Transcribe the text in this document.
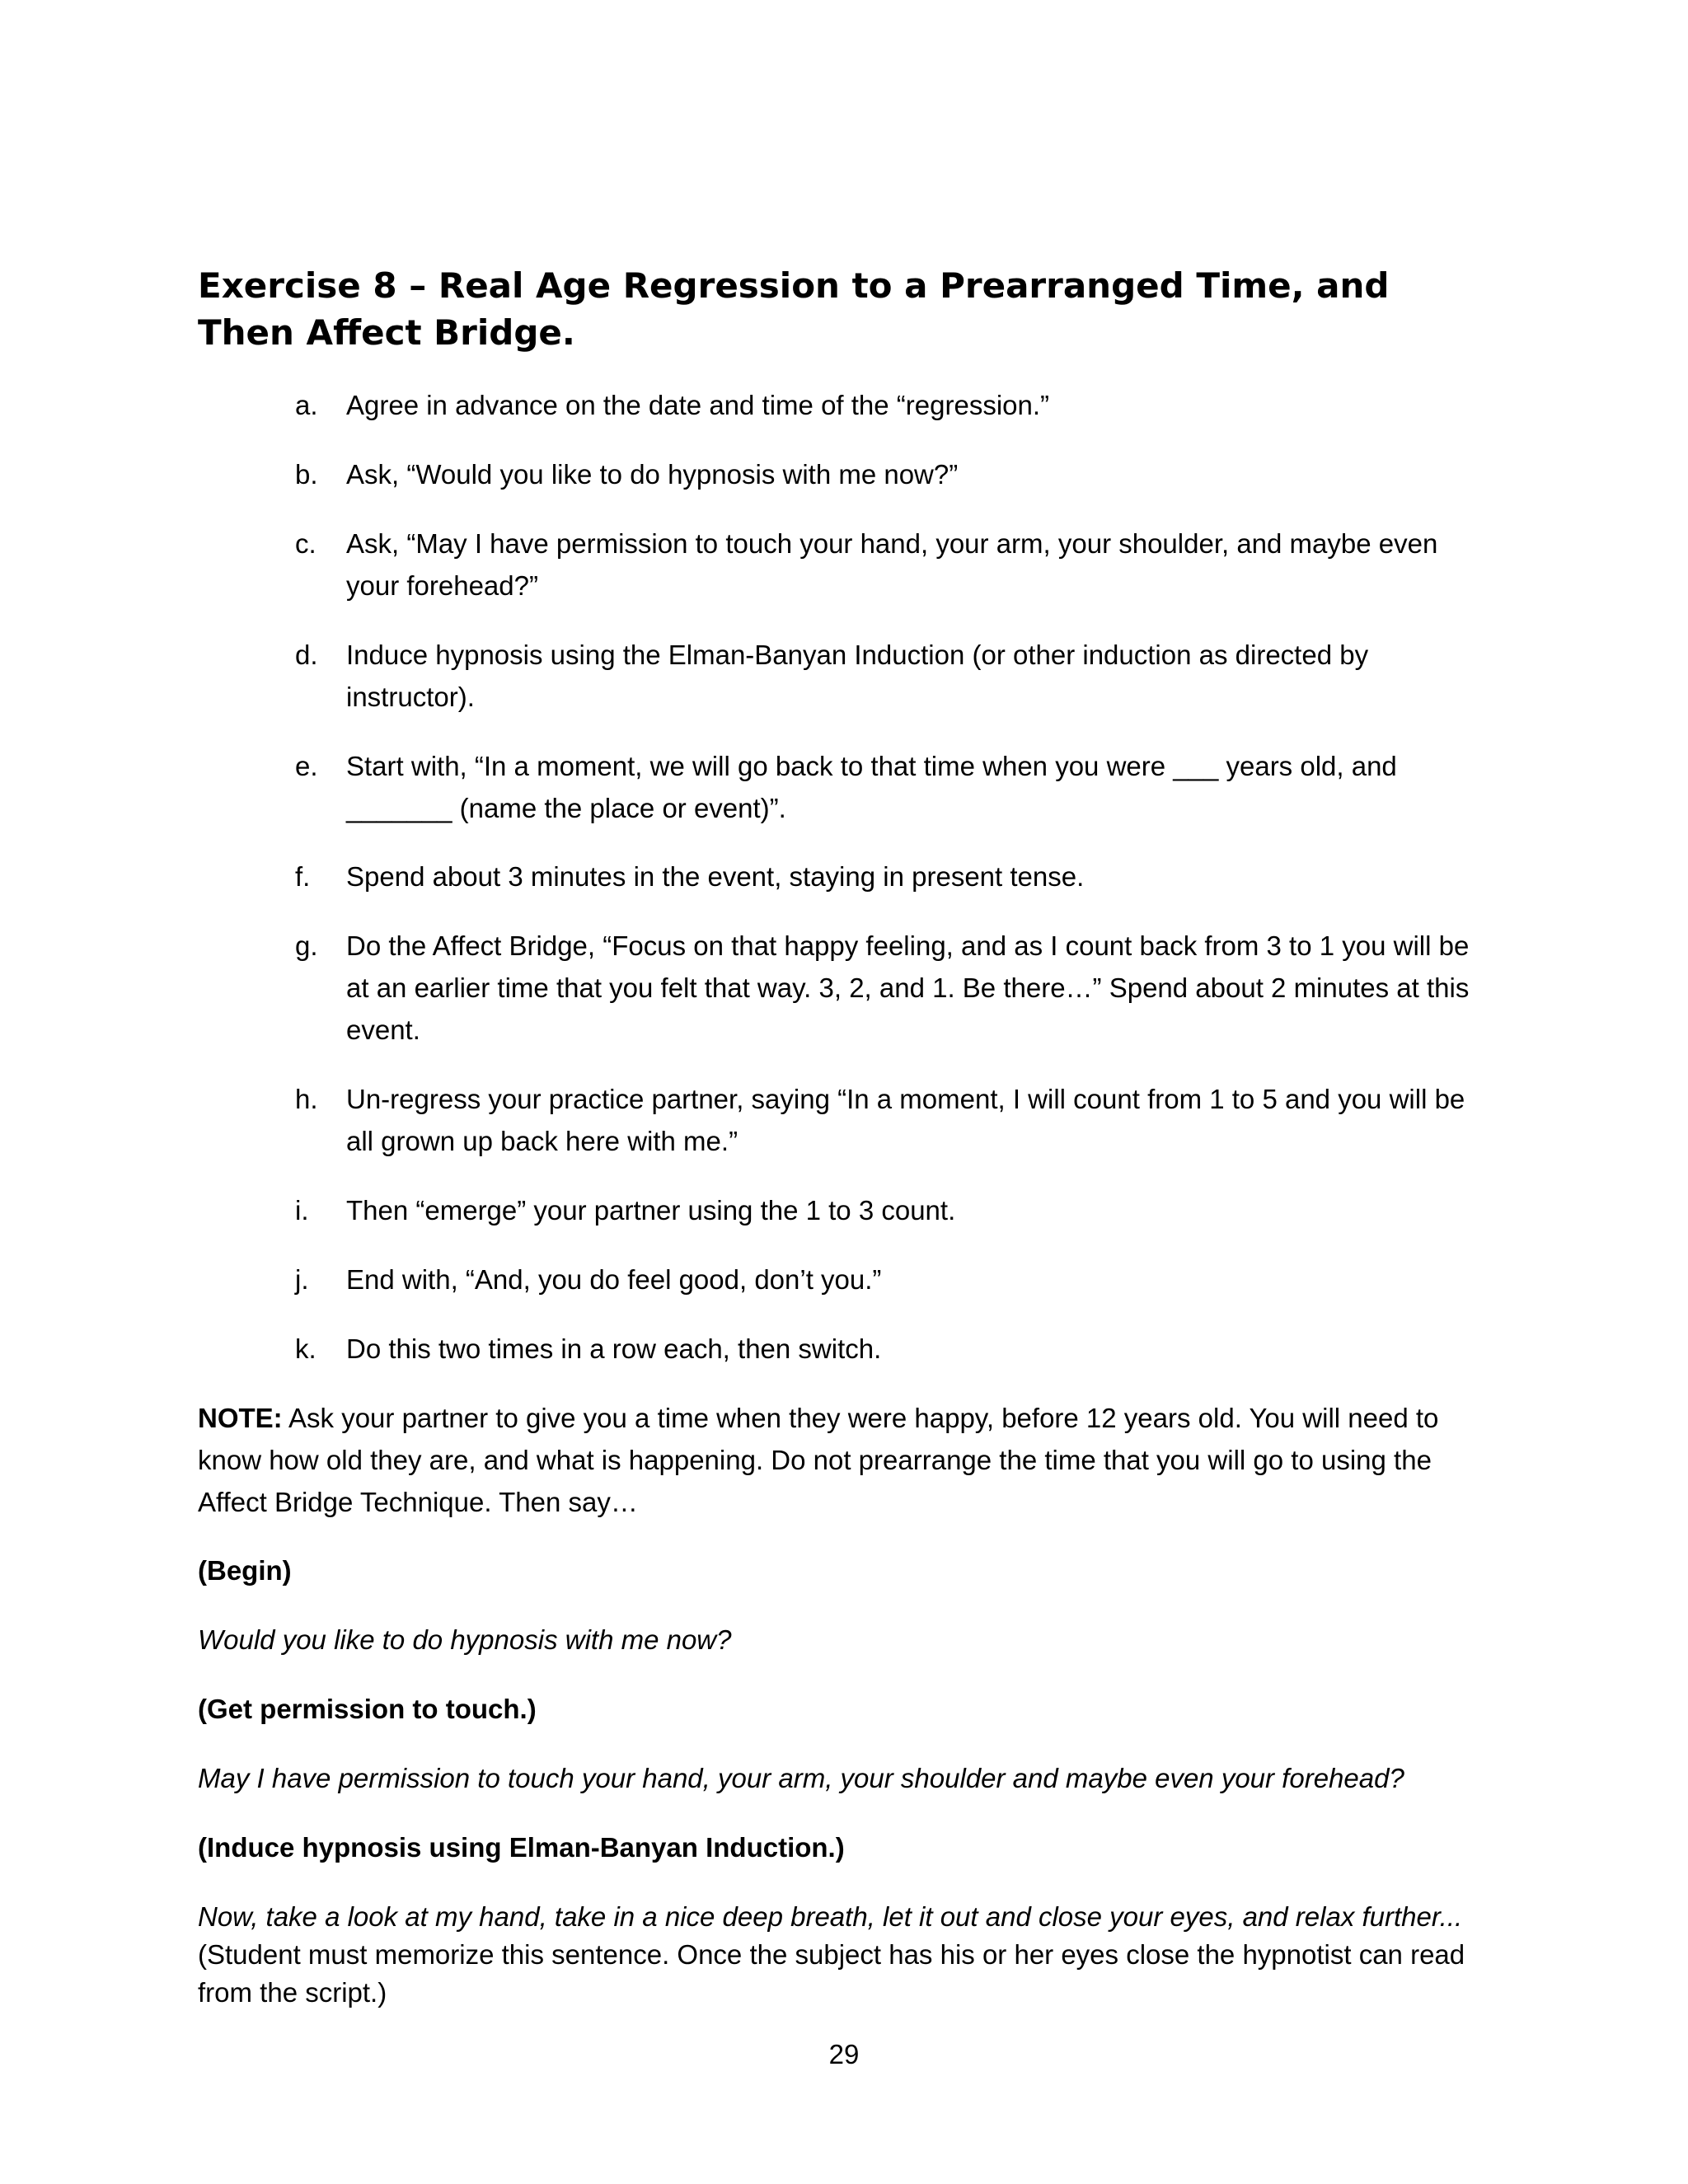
Exercise 8 – Real Age Regression to a Prearranged Time, and Then Affect Bridge.
a.	Agree in advance on the date and time of the “regression.”
b.	Ask, “Would you like to do hypnosis with me now?”
c.	Ask, “May I have permission to touch your hand, your arm, your shoulder, and maybe even your forehead?”
d.	Induce hypnosis using the Elman-Banyan Induction (or other induction as directed by instructor).
e.	Start with, “In a moment, we will go back to that time when you were ___ years old, and _______ (name the place or event)”.
f.	Spend about 3 minutes in the event, staying in present tense.
g.	Do the Affect Bridge, “Focus on that happy feeling, and as I count back from 3 to 1 you will be at an earlier time that you felt that way. 3, 2, and 1. Be there…” Spend about 2 minutes at this event.
h.	Un-regress your practice partner, saying “In a moment, I will count from 1 to 5 and you will be all grown up back here with me.”
i.	Then “emerge” your partner using the 1 to 3 count.
j.	End with, “And, you do feel good, don’t you.”
k.	Do this two times in a row each, then switch.

NOTE: Ask your partner to give you a time when they were happy, before 12 years old. You will need to know how old they are, and what is happening. Do not prearrange the time that you will go to using the Affect Bridge Technique. Then say…

(Begin)

Would you like to do hypnosis with me now?

(Get permission to touch.)

May I have permission to touch your hand, your arm, your shoulder and maybe even your forehead?

(Induce hypnosis using Elman-Banyan Induction.)

Now, take a look at my hand, take in a nice deep breath, let it out and close your eyes, and relax further... (Student must memorize this sentence. Once the subject has his or her eyes close the hypnotist can read from the script.)

29
